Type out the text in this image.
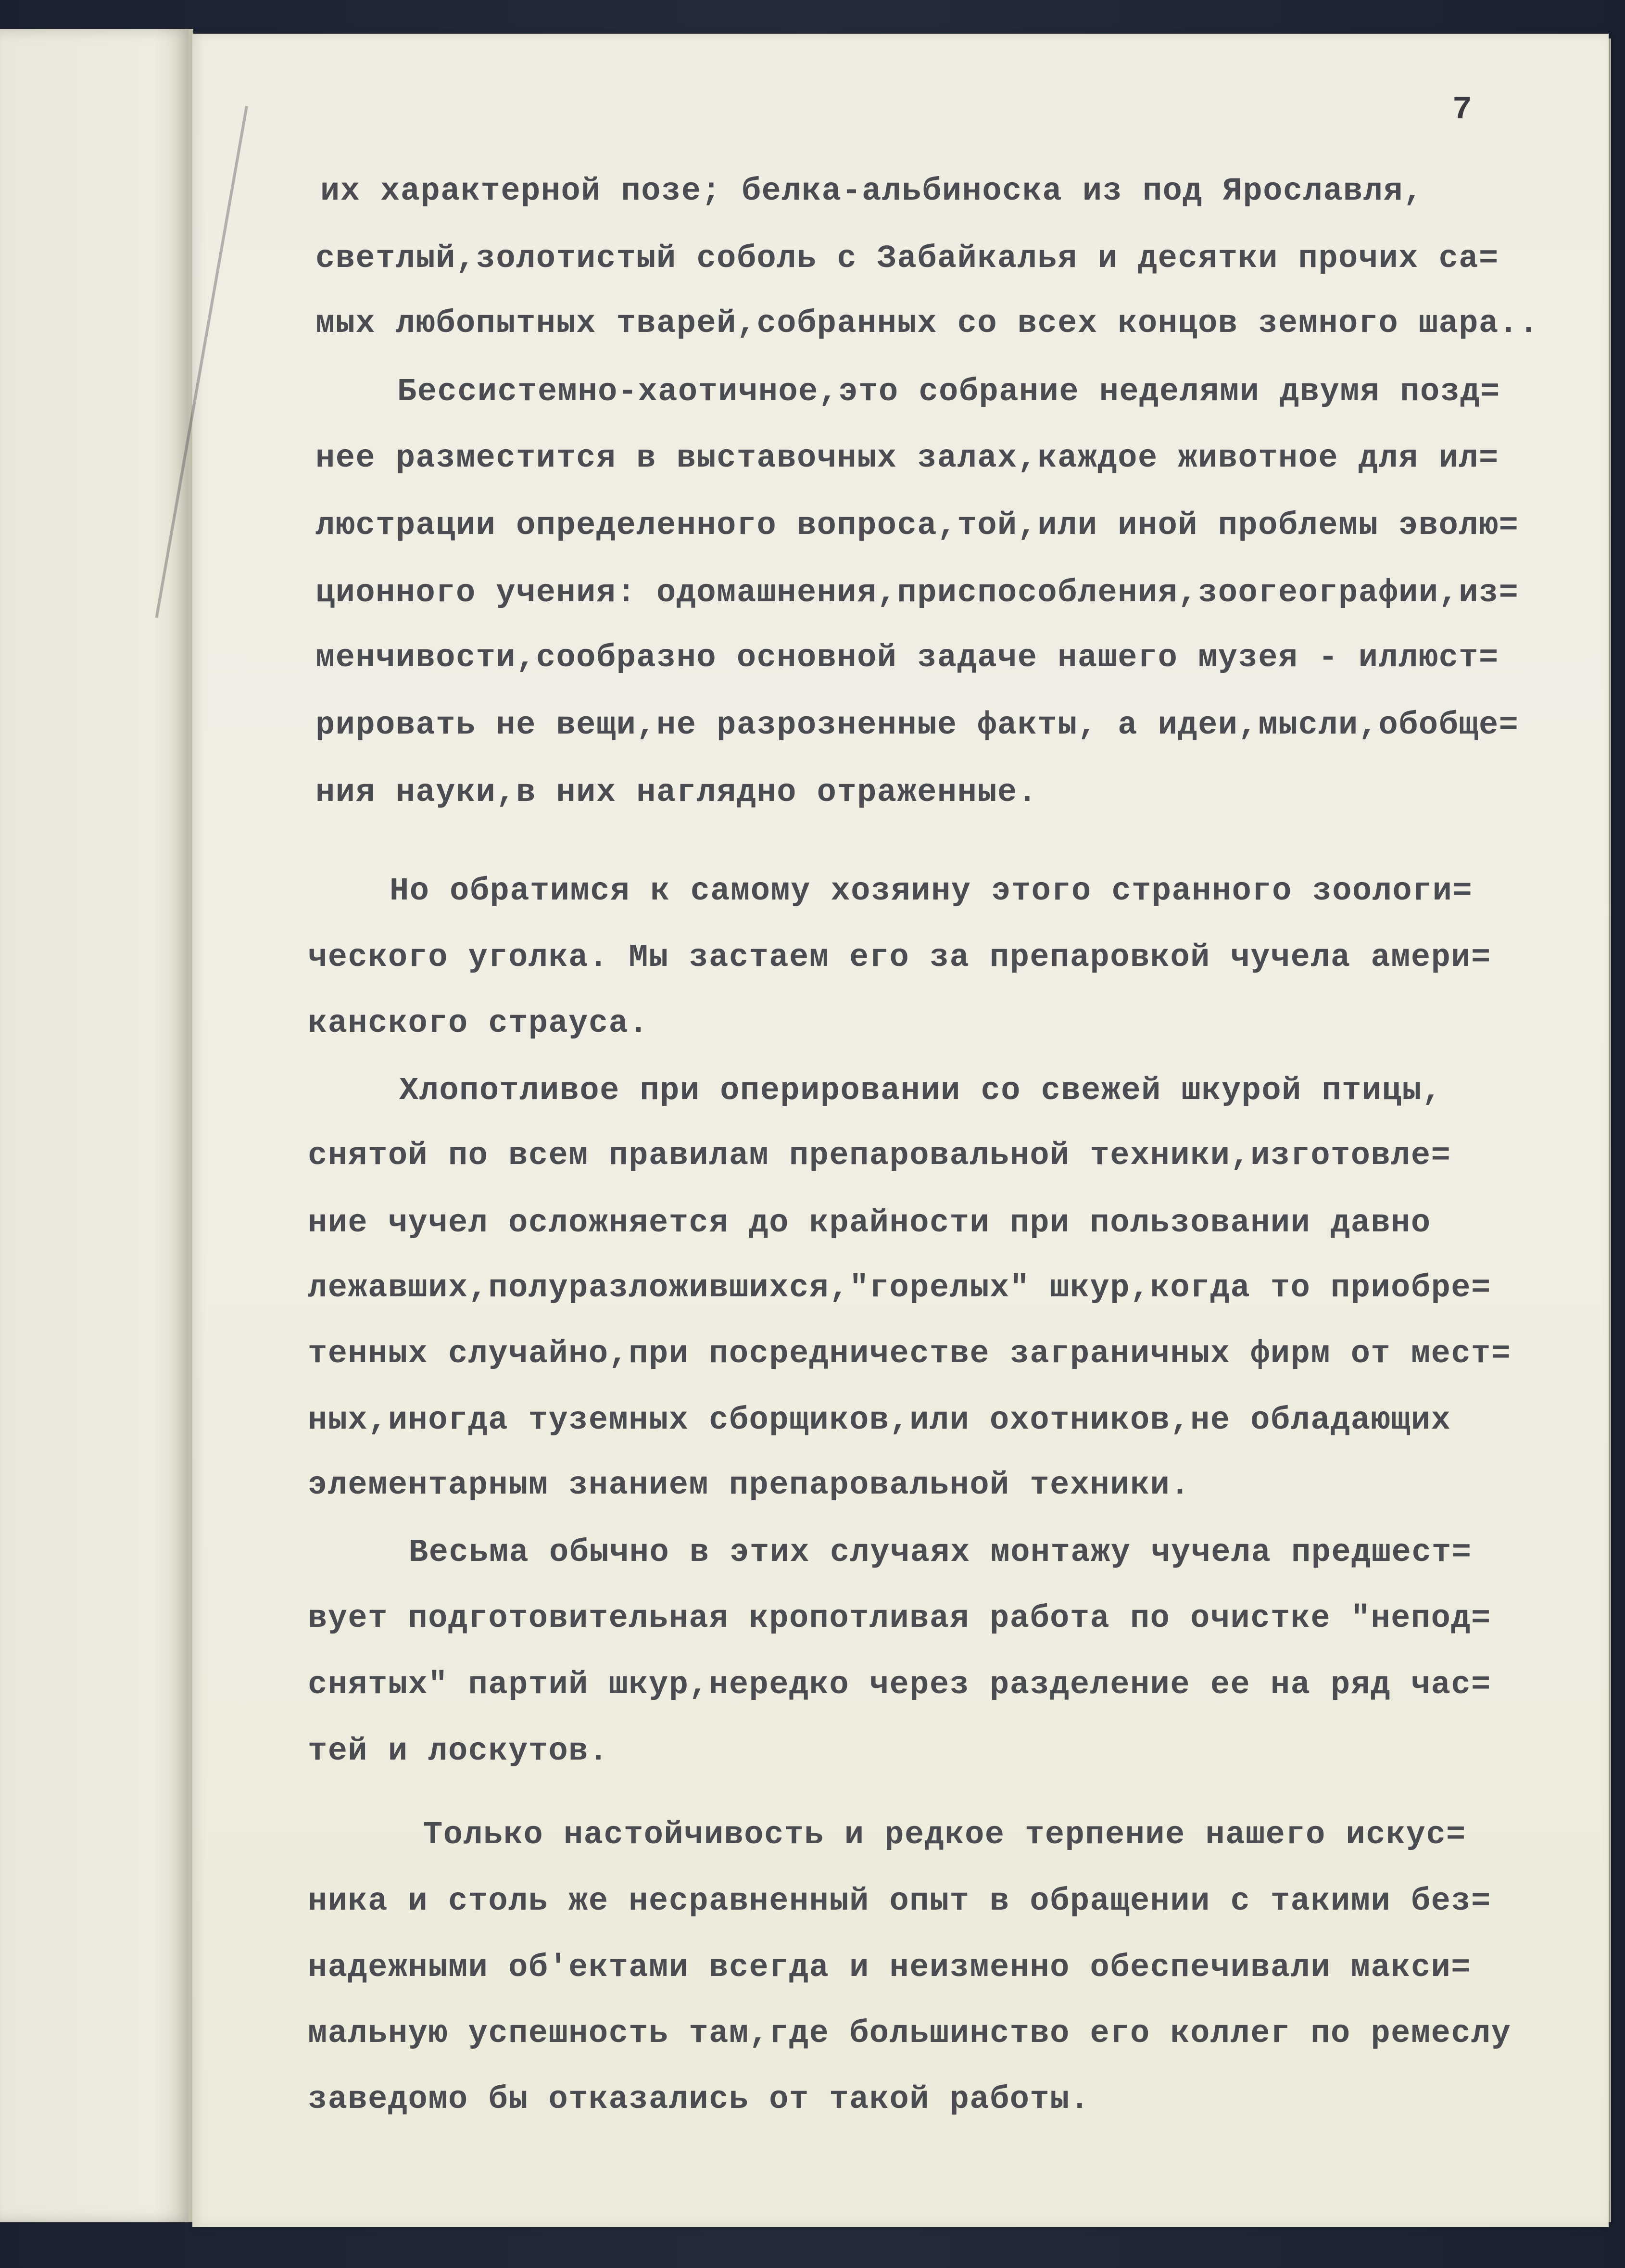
7

их характерной позе; белка-альбиноска из под Ярославля,

светлый,золотистый соболь с Забайкалья и десятки прочих са=

мых любопытных тварей,собранных со всех концов земного шара..

Бессистемно-хаотичное,это собрание неделями двумя позд=

нее разместится в выставочных залах,каждое животное для ил=

люстрации определенного вопроса,той,или иной проблемы эволю=

ционного учения: одомашнения,приспособления,зоогеографии,из=

менчивости,сообразно основной задаче нашего музея - иллюст=

рировать не вещи,не разрозненные факты, а идеи,мысли,обобще=

ния науки,в них наглядно отраженные.

Но обратимся к самому хозяину этого странного зоологи=

ческого уголка. Мы застаем его за препаровкой чучела амери=

канского страуса.

Хлопотливое при оперировании со свежей шкурой птицы,

снятой по всем правилам препаровальной техники,изготовле=

ние чучел осложняется до крайности при пользовании давно

лежавших,полуразложившихся,"горелых" шкур,когда то приобре=

тенных случайно,при посредничестве заграничных фирм от мест=

ных,иногда туземных сборщиков,или охотников,не обладающих

элементарным знанием препаровальной техники.

Весьма обычно в этих случаях монтажу чучела предшест=

вует подготовительная кропотливая работа по очистке "непод=

снятых" партий шкур,нередко через разделение ее на ряд час=

тей и лоскутов.

Только настойчивость и редкое терпение нашего искус=

ника и столь же несравненный опыт в обращении с такими без=

надежными об'ектами всегда и неизменно обеспечивали макси=

мальную успешность там,где большинство его коллег по ремеслу

заведомо бы отказались от такой работы.
